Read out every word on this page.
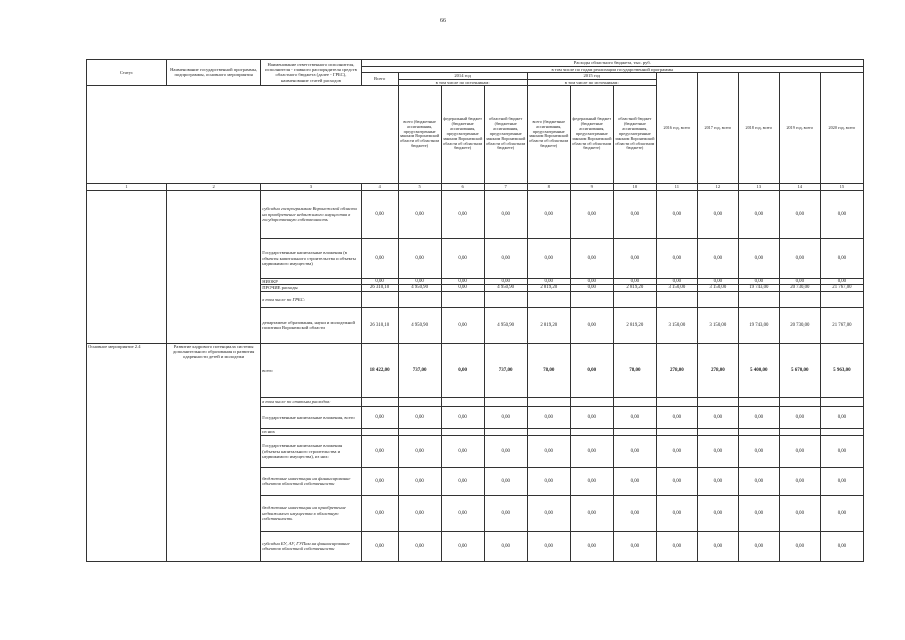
66
Статус	Наименование государственной программы, подпрограммы, основного мероприятия	Наименование ответственного исполнителя, исполнителя - главного распорядителя средств областного бюджета (далее - ГРБС), наименование статей расходов	Расходы областного бюджета, тыс. руб.											
			в том числе по годам реализации государственной программы											
			Всего	2014 год			2015 год			2016 год, всего	2017 год, всего	2018 год, всего	2019 год, всего	2020 год, всего
				в том числе по источникам:			в том числе по источникам:							
				всего (бюджетные ассигнования, предусмотренные законом Воронежской области об областном бюджете)	федеральный бюджет (бюджетные ассигнования, предусмотренные законом Воронежской области об областном бюджете)	областной бюджет (бюджетные ассигнования, предусмотренные законом Воронежской области об областном бюджете)	всего (бюджетные ассигнования, предусмотренные законом Воронежской области об областном бюджете)	федеральный бюджет (бюджетные ассигнования, предусмотренные законом Воронежской области об областном бюджете)	областной бюджет (бюджетные ассигнования, предусмотренные законом Воронежской области об областном бюджете)					
1	2	3	4	5	6	7	8	9	10	11	12	13	14	15
		субсидии госпрограммам Воронежской области на приобретение недвижимого имущества в государственную собственность	0,00	0,00	0,00	0,00	0,00	0,00	0,00	0,00	0,00	0,00	0,00	0,00
		Государственные капитальные вложения (в объекты капитального строительства и объекты недвижимого имущества)	0,00	0,00	0,00	0,00	0,00	0,00	0,00	0,00	0,00	0,00	0,00	0,00
		НИОКР	0,00	0,00	0,00	0,00	0,00	0,00	0,00	0,00	0,00	0,00	0,00	0,00
		ПРОЧИЕ расходы	26 310,10	4 950,90	0,00	4 950,90	2 819,20	0,00	2 819,20	3 150,00	3 150,00	19 743,00	20 730,00	21 767,00
		в том числе по ГРБС:												
		департамент образования, науки и молодежной политики Воронежской области	26 310,10	4 950,90	0,00	4 950,90	2 819,20	0,00	2 819,20	3 150,00	3 150,00	19 743,00	20 730,00	21 767,00
Основное мероприятие 2.4	Развитие кадрового потенциала системы дополнительного образования и развития одаренности детей и молодежи	всего	18 422,00	737,00	0,00	737,00	78,00	0,00	78,00	278,00	278,00	5 400,00	5 670,00	5 963,00
		в том числе по статьям расходов:												
		Государственные капитальные вложения, всего	0,00	0,00	0,00	0,00	0,00	0,00	0,00	0,00	0,00	0,00	0,00	0,00
		из них												
		Государственные капитальные вложения (объекты капитального строительства и недвижимого имущества), из них:	0,00	0,00	0,00	0,00	0,00	0,00	0,00	0,00	0,00	0,00	0,00	0,00
		бюджетные инвестиции на финансирование объектов областной собственности	0,00	0,00	0,00	0,00	0,00	0,00	0,00	0,00	0,00	0,00	0,00	0,00
		бюджетные инвестиции на приобретение недвижимого имущества в областную собственность	0,00	0,00	0,00	0,00	0,00	0,00	0,00	0,00	0,00	0,00	0,00	0,00
		субсидии БУ, АУ, ГУПам на финансирование объектов областной собственности	0,00	0,00	0,00	0,00	0,00	0,00	0,00	0,00	0,00	0,00	0,00	0,00
